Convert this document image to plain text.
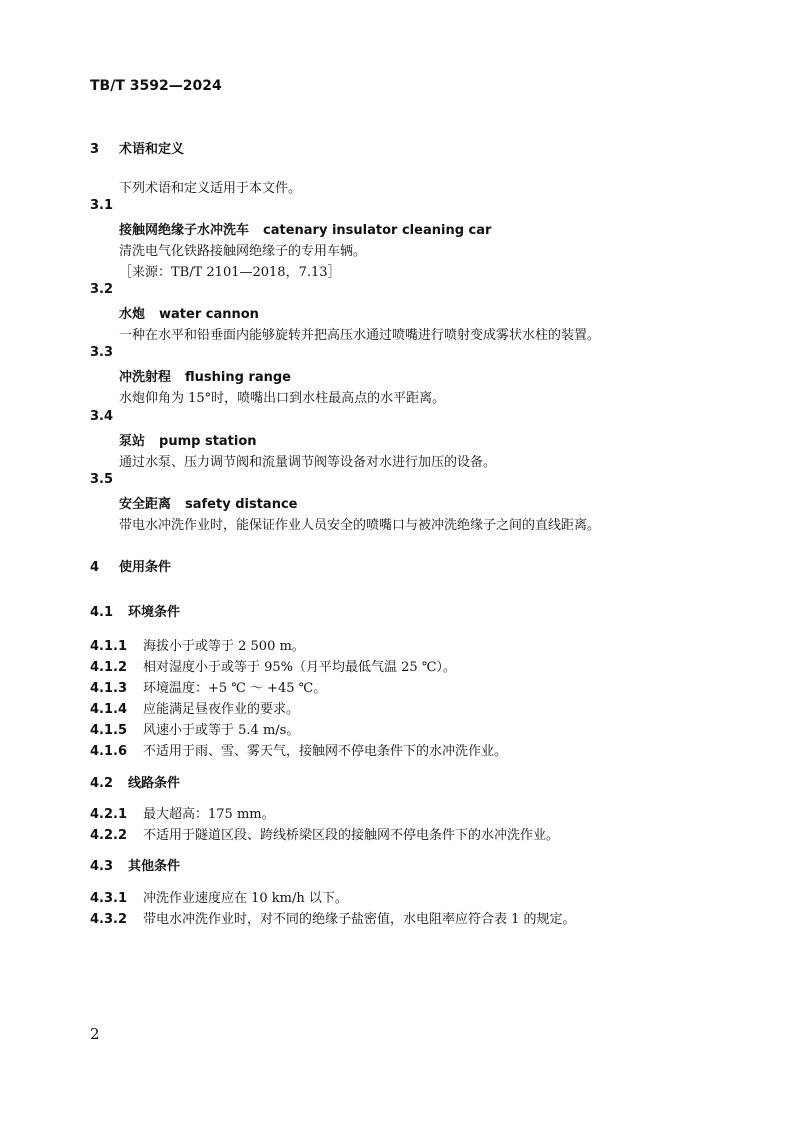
TB/T 3592—2024
3 术语和定义
下列术语和定义适用于本文件。
3.1
接触网绝缘子水冲洗车 catenary insulator cleaning car
清洗电气化铁路接触网绝缘子的专用车辆。
［来源：TB/T 2101—2018，7.13］
3.2
水炮 water cannon
一种在水平和铅垂面内能够旋转并把高压水通过喷嘴进行喷射变成雾状水柱的装置。
3.3
冲洗射程 flushing range
水炮仰角为 15°时，喷嘴出口到水柱最高点的水平距离。
3.4
泵站 pump station
通过水泵、压力调节阀和流量调节阀等设备对水进行加压的设备。
3.5
安全距离 safety distance
带电水冲洗作业时，能保证作业人员安全的喷嘴口与被冲洗绝缘子之间的直线距离。
4 使用条件
4.1 环境条件
4.1.1 海拔小于或等于 2 500 m。
4.1.2 相对湿度小于或等于 95%（月平均最低气温 25 ℃）。
4.1.3 环境温度：+5 ℃ ～ +45 ℃。
4.1.4 应能满足昼夜作业的要求。
4.1.5 风速小于或等于 5.4 m/s。
4.1.6 不适用于雨、雪、雾天气，接触网不停电条件下的水冲洗作业。
4.2 线路条件
4.2.1 最大超高：175 mm。
4.2.2 不适用于隧道区段、跨线桥梁区段的接触网不停电条件下的水冲洗作业。
4.3 其他条件
4.3.1 冲洗作业速度应在 10 km/h 以下。
4.3.2 带电水冲洗作业时，对不同的绝缘子盐密值，水电阻率应符合表 1 的规定。
2
